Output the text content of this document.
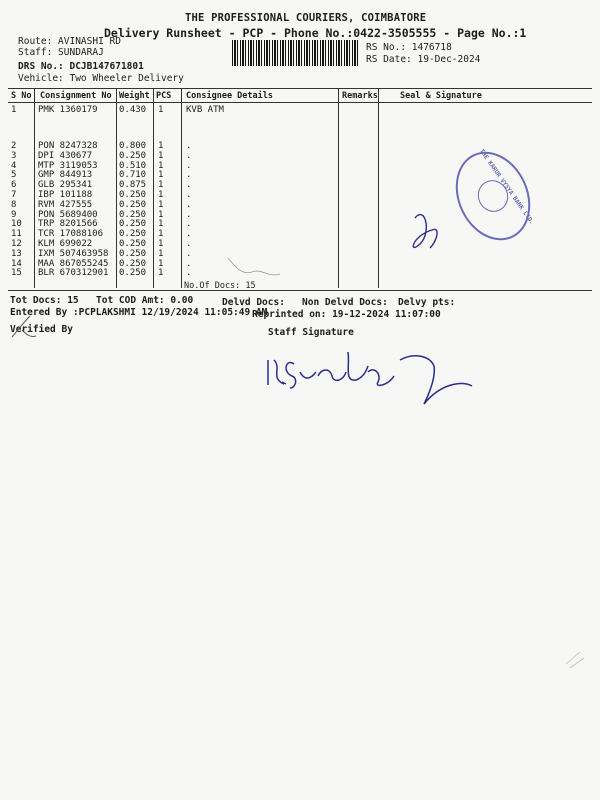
THE PROFESSIONAL COURIERS, COIMBATORE
Delivery Runsheet - PCP - Phone No.:0422-3505555 - Page No.:1
Route: AVINASHI RD
Staff: SUNDARAJ
DRS No.: DCJB147671801
Vehicle: Two Wheeler Delivery
RS No.: 1476718
RS Date: 19-Dec-2024
S No Consignment No Weight PCS Consignee Details	Remarks	Seal & Signature
1 PMK 1360179 0.430 1	KVB ATM
2 PON 8247328 0.800 1	.
3 DPI 430677	0.250 1	.
4 MTP 3119053 0.510 1	.
5 GMP 844913	0.710 1	.
6 GLB 295341	0.875 1	.
7 IBP 101188	0.250 1	.
8 RVM 427555	0.250 1	.
9 PON 5689400 0.250 1	.
10 TRP 8201566 0.250 1	.
11 TCR 17088106 0.250 1	.
12 KLM 699022	0.250 1	.
13 IXM 507463958 0.250 1	.
14 MAA 867055245 0.250 1	.
15 BLR 670312901 0.250 1	.
No.Of Docs: 15
Tot Docs: 15 Tot COD Amt: 0.00	Delvd Docs: Non Delvd Docs: Delvy pts:
Entered By :PCPLAKSHMI 12/19/2024 11:05:49 AM
Reprinted on: 19-12-2024 11:07:00
Verified By	Staff Signature
THE KARUR VYSYA BANK LTD.
